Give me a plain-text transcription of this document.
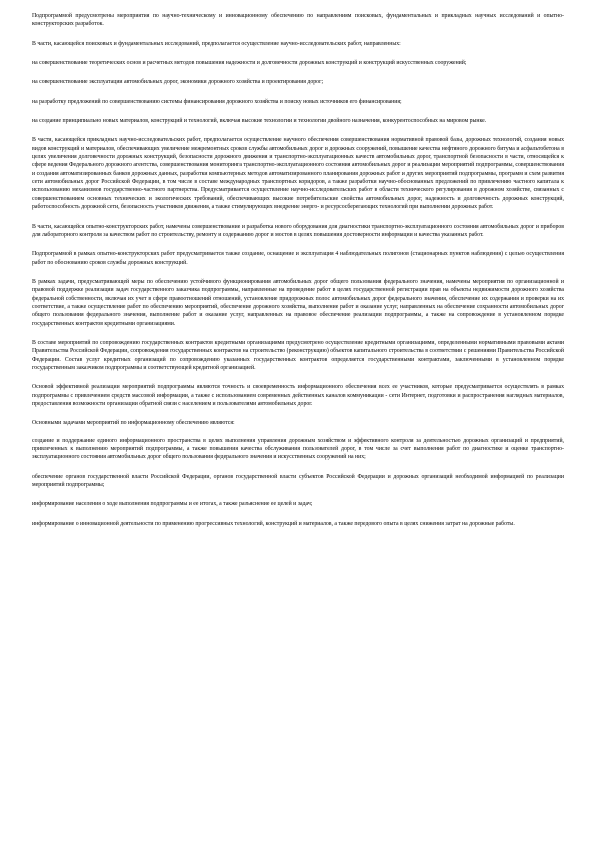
Подпрограммой предусмотрены мероприятия по научно-техническому и инновационному обеспечению по направлениям поисковых, фундаментальных и прикладных научных исследований и опытно-конструкторских разработок.

В части, касающейся поисковых и фундаментальных исследований, предполагается осуществление научно-исследовательских работ, направленных:

на совершенствование теоретических основ и расчетных методов повышения надежности и долговечности дорожных конструкций и конструкций искусственных сооружений;

на совершенствование эксплуатации автомобильных дорог, экономики дорожного хозяйства и проектирования дорог;

на разработку предложений по совершенствованию системы финансирования дорожного хозяйства и поиску новых источников его финансирования;

на создание принципиально новых материалов, конструкций и технологий, включая высокие технологии и технологии двойного назначения, конкурентоспособных на мировом рынке.

В части, касающейся прикладных научно-исследовательских работ, предполагается осуществление научного обеспечения совершенствования нормативной правовой базы, дорожных технологий, создания новых видов конструкций и материалов, обеспечивающих увеличение межремонтных сроков службы автомобильных дорог и дорожных сооружений, повышение качества нефтяного дорожного битума и асфальтобетона в целях увеличения долговечности дорожных конструкций, безопасности дорожного движения и транспортно-эксплуатационных качеств автомобильных дорог, транспортной безопасности в части, относящейся к сфере ведения Федерального дорожного агентства, совершенствования мониторинга транспортно-эксплуатационного состояния автомобильных дорог и реализации мероприятий подпрограммы, совершенствования и создания автоматизированных банков дорожных данных, разработки компьютерных методов автоматизированного планирования дорожных работ и других мероприятий подпрограммы, программ и схем развития сети автомобильных дорог Российской Федерации, в том числе в составе международных транспортных коридоров, а также разработки научно-обоснованных предложений по привлечению частного капитала к использованию механизмов государственно-частного партнерства. Предусматривается осуществление научно-исследовательских работ в области технического регулирования в дорожном хозяйстве, связанных с совершенствованием основных технических и экологических требований, обеспечивающих высокие потребительские свойства автомобильных дорог, надежность и долговечность дорожных конструкций, работоспособность дорожной сети, безопасность участников движения, а также стимулирующих внедрение энерго- и ресурсосберегающих технологий при выполнении дорожных работ.

В части, касающейся опытно-конструкторских работ, намечены совершенствование и разработка нового оборудования для диагностики транспортно-эксплуатационного состояния автомобильных дорог и приборов для лабораторного контроля за качеством работ по строительству, ремонту и содержанию дорог и мостов в целях повышения достоверности информации и качества указанных работ.

Подпрограммой в рамках опытно-конструкторских работ предусматривается также создание, оснащение и эксплуатация 4 наблюдательных полигонов (стационарных пунктов наблюдения) с целью осуществления работ по обоснованию сроков службы дорожных конструкций.

В рамках задачи, предусматривающей меры по обеспечению устойчивого функционирования автомобильных дорог общего пользования федерального значения, намечены мероприятия по организационной и правовой поддержке реализации задач государственного заказчика подпрограммы, направленные на проведение работ в целях государственной регистрации прав на объекты недвижимости дорожного хозяйства федеральной собственности, включая их учет в сфере правоотношений отношений, установление придорожных полос автомобильных дорог федерального значения, обеспечение их содержания и проверки на их соответствие, а также осуществление работ по обеспечению мероприятий, обеспечение дорожного хозяйства, выполнение работ и оказание услуг, направленных на обеспечение сохранности автомобильных дорог общего пользования федерального значения, выполнение работ и оказание услуг, направленных на правовое обеспечение реализации подпрограммы, а также на сопровождение в установленном порядке государственных контрактов кредитными организациями.

В составе мероприятий по сопровождению государственных контрактов кредитными организациями предусмотрено осуществление кредитными организациями, определенными нормативными правовыми актами Правительства Российской Федерации, сопровождения государственных контрактов на строительство (реконструкцию) объектов капитального строительства в соответствии с решениями Правительства Российской Федерации. Состав услуг кредитных организаций по сопровождению указанных государственных контрактов определяется государственными контрактами, заключенными в установленном порядке государственным заказчиком подпрограммы и соответствующей кредитной организацией.

Основой эффективной реализации мероприятий подпрограммы являются точность и своевременность информационного обеспечения всех ее участников, которые предусматривается осуществлять в рамках подпрограммы с привлечением средств массовой информации, а также с использованием современных действенных каналов коммуникации - сети Интернет, подготовки и распространения наглядных материалов, предоставления возможности организации обратной связи с населением и пользователями автомобильных дорог.

Основными задачами мероприятий по информационному обеспечению являются:

создание и поддержание единого информационного пространства в целях выполнения управления дорожным хозяйством и эффективного контроля за деятельностью дорожных организаций и предприятий, привлеченных к выполнению мероприятий подпрограммы, а также повышения качества обслуживания пользователей дорог, в том числе за счет выполнения работ по диагностике и оценке транспортно-эксплуатационного состояния автомобильных дорог общего пользования федерального значения и искусственных сооружений на них;

обеспечение органов государственной власти Российской Федерации, органов государственной власти субъектов Российской Федерации и дорожных организаций необходимой информацией по реализации мероприятий подпрограммы;

информирование населения о ходе выполнения подпрограммы и ее итогах, а также разъяснение ее целей и задач;

информирование о инновационной деятельности по применению прогрессивных технологий, конструкций и материалов, а также передового опыта в целях снижения затрат на дорожные работы.
